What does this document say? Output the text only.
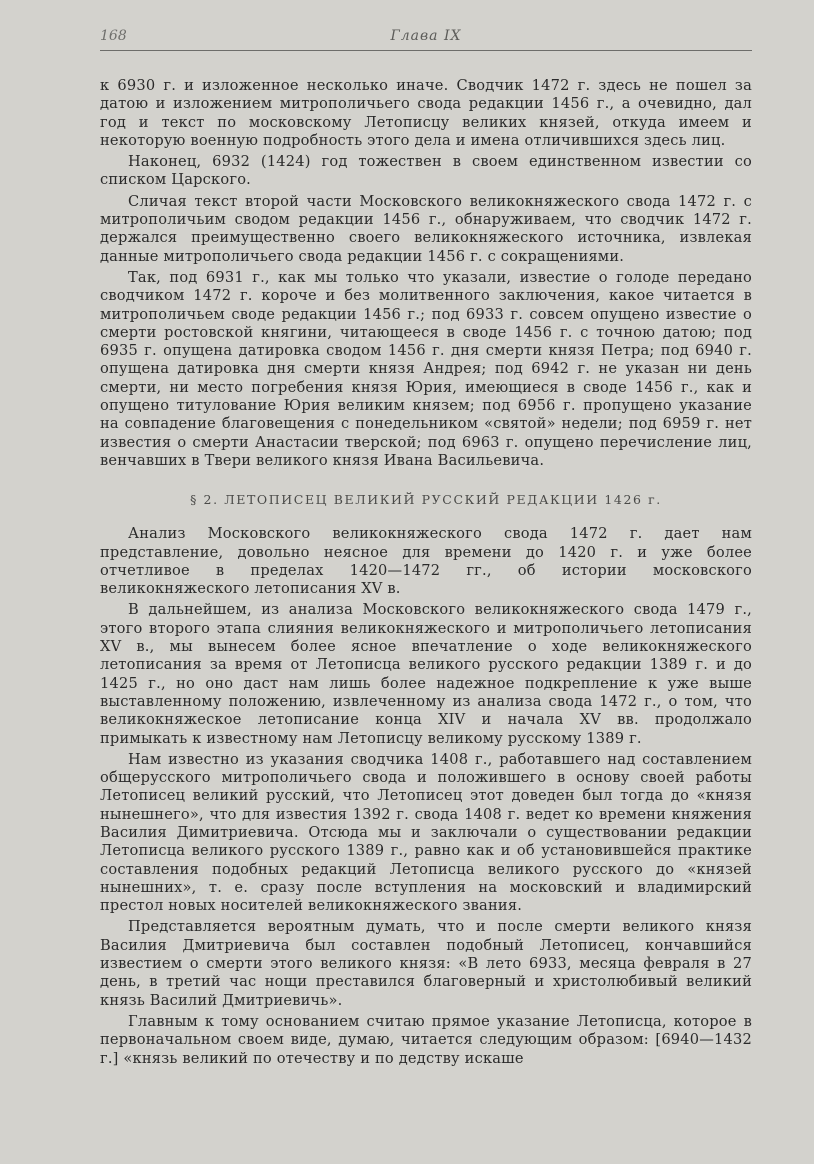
168	Глава IX

к 6930 г. и изложенное несколько иначе. Сводчик 1472 г. здесь не пошел за датою и изложением митрополичьего свода редакции 1456 г., а очевидно, дал год и текст по московскому Летописцу великих князей, откуда имеем и некоторую военную подробность этого дела и имена отличившихся здесь лиц.

Наконец, 6932 (1424) год тожествен в своем единственном известии со списком Царского.

Сличая текст второй части Московского великокняжеского свода 1472 г. с митрополичьим сводом редакции 1456 г., обнаруживаем, что сводчик 1472 г. держался преимущественно своего великокняжеского источника, извлекая данные митрополичьего свода редакции 1456 г. с сокращениями.

Так, под 6931 г., как мы только что указали, известие о голоде передано сводчиком 1472 г. короче и без молитвенного заключения, какое читается в митрополичьем своде редакции 1456 г.; под 6933 г. совсем опущено известие о смерти ростовской княгини, читающееся в своде 1456 г. с точною датою; под 6935 г. опущена датировка сводом 1456 г. дня смерти князя Петра; под 6940 г. опущена датировка дня смерти князя Андрея; под 6942 г. не указан ни день смерти, ни место погребения князя Юрия, имеющиеся в своде 1456 г., как и опущено титулование Юрия великим князем; под 6956 г. пропущено указание на совпадение благовещения с понедельником «святой» недели; под 6959 г. нет известия о смерти Анастасии тверской; под 6963 г. опущено перечисление лиц, венчавших в Твери великого князя Ивана Васильевича.

§ 2. ЛЕТОПИСЕЦ ВЕЛИКИЙ РУССКИЙ РЕДАКЦИИ 1426 г.

Анализ Московского великокняжеского свода 1472 г. дает нам представление, довольно неясное для времени до 1420 г. и уже более отчетливое в пределах 1420—1472 гг., об истории московского великокняжеского летописания XV в.

В дальнейшем, из анализа Московского великокняжеского свода 1479 г., этого второго этапа слияния великокняжеского и митрополичьего летописания XV в., мы вынесем более ясное впечатление о ходе великокняжеского летописания за время от Летописца великого русского редакции 1389 г. и до 1425 г., но оно даст нам лишь более надежное подкрепление к уже выше выставленному положению, извлеченному из анализа свода 1472 г., о том, что великокняжеское летописание конца XIV и начала XV вв. продолжало примыкать к известному нам Летописцу великому русскому 1389 г.

Нам известно из указания сводчика 1408 г., работавшего над составлением общерусского митрополичьего свода и положившего в основу своей работы Летописец великий русский, что Летописец этот доведен был тогда до «князя нынешнего», что для известия 1392 г. свода 1408 г. ведет ко времени княжения Василия Димитриевича. Отсюда мы и заключали о существовании редакции Летописца великого русского 1389 г., равно как и об установившейся практике составления подобных редакций Летописца великого русского до «князей нынешних», т. е. сразу после вступления на московский и владимирский престол новых носителей великокняжеского звания.

Представляется вероятным думать, что и после смерти великого князя Василия Дмитриевича был составлен подобный Летописец, кончавшийся известием о смерти этого великого князя: «В лето 6933, месяца февраля в 27 день, в третий час нощи преставился благоверный и христолюбивый великий князь Василий Дмитриевичь».

Главным к тому основанием считаю прямое указание Летописца, которое в первоначальном своем виде, думаю, читается следующим образом: [6940—1432 г.] «князь великий по отечеству и по дедству искаше
